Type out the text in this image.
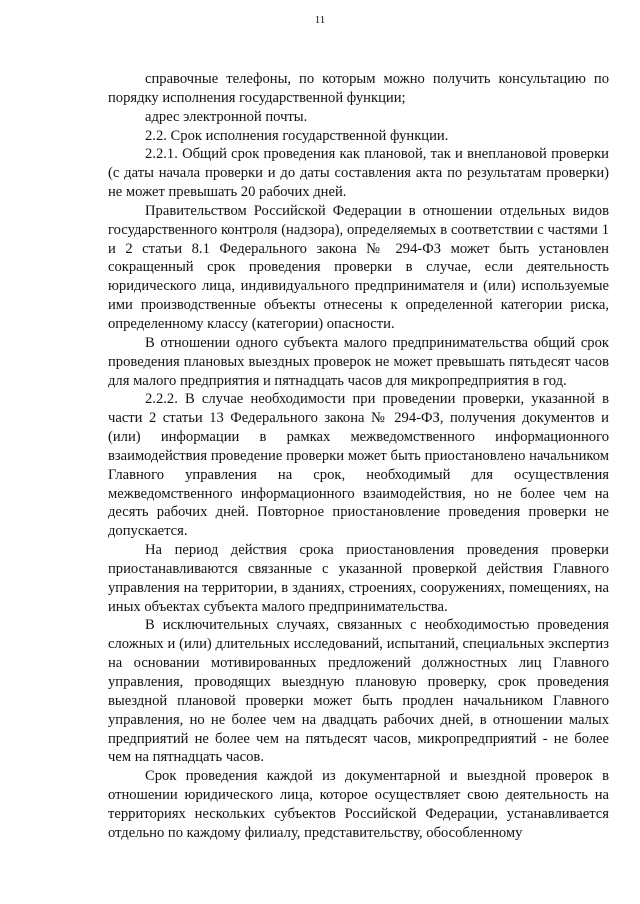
11

справочные телефоны, по которым можно получить консультацию по порядку исполнения государственной функции;

адрес электронной почты.

2.2. Срок исполнения государственной функции.

2.2.1. Общий срок проведения как плановой, так и внеплановой проверки (с даты начала проверки и до даты составления акта по результатам проверки) не может превышать 20 рабочих дней.

Правительством Российской Федерации в отношении отдельных видов государственного контроля (надзора), определяемых в соответствии с частями 1 и 2 статьи 8.1 Федерального закона № 294-ФЗ может быть установлен сокращенный срок проведения проверки в случае, если деятельность юридического лица, индивидуального предпринимателя и (или) используемые ими производственные объекты отнесены к определенной категории риска, определенному классу (категории) опасности.

В отношении одного субъекта малого предпринимательства общий срок проведения плановых выездных проверок не может превышать пятьдесят часов для малого предприятия и пятнадцать часов для микропредприятия в год.

2.2.2. В случае необходимости при проведении проверки, указанной в части 2 статьи 13 Федерального закона № 294-ФЗ, получения документов и (или) информации в рамках межведомственного информационного взаимодействия проведение проверки может быть приостановлено начальником Главного управления на срок, необходимый для осуществления межведомственного информационного взаимодействия, но не более чем на десять рабочих дней. Повторное приостановление проведения проверки не допускается.

На период действия срока приостановления проведения проверки приостанавливаются связанные с указанной проверкой действия Главного управления на территории, в зданиях, строениях, сооружениях, помещениях, на иных объектах субъекта малого предпринимательства.

В исключительных случаях, связанных с необходимостью проведения сложных и (или) длительных исследований, испытаний, специальных экспертиз на основании мотивированных предложений должностных лиц Главного управления, проводящих выездную плановую проверку, срок проведения выездной плановой проверки может быть продлен начальником Главного управления, но не более чем на двадцать рабочих дней, в отношении малых предприятий не более чем на пятьдесят часов, микропредприятий - не более чем на пятнадцать часов.

Срок проведения каждой из документарной и выездной проверок в отношении юридического лица, которое осуществляет свою деятельность на территориях нескольких субъектов Российской Федерации, устанавливается отдельно по каждому филиалу, представительству, обособленному
